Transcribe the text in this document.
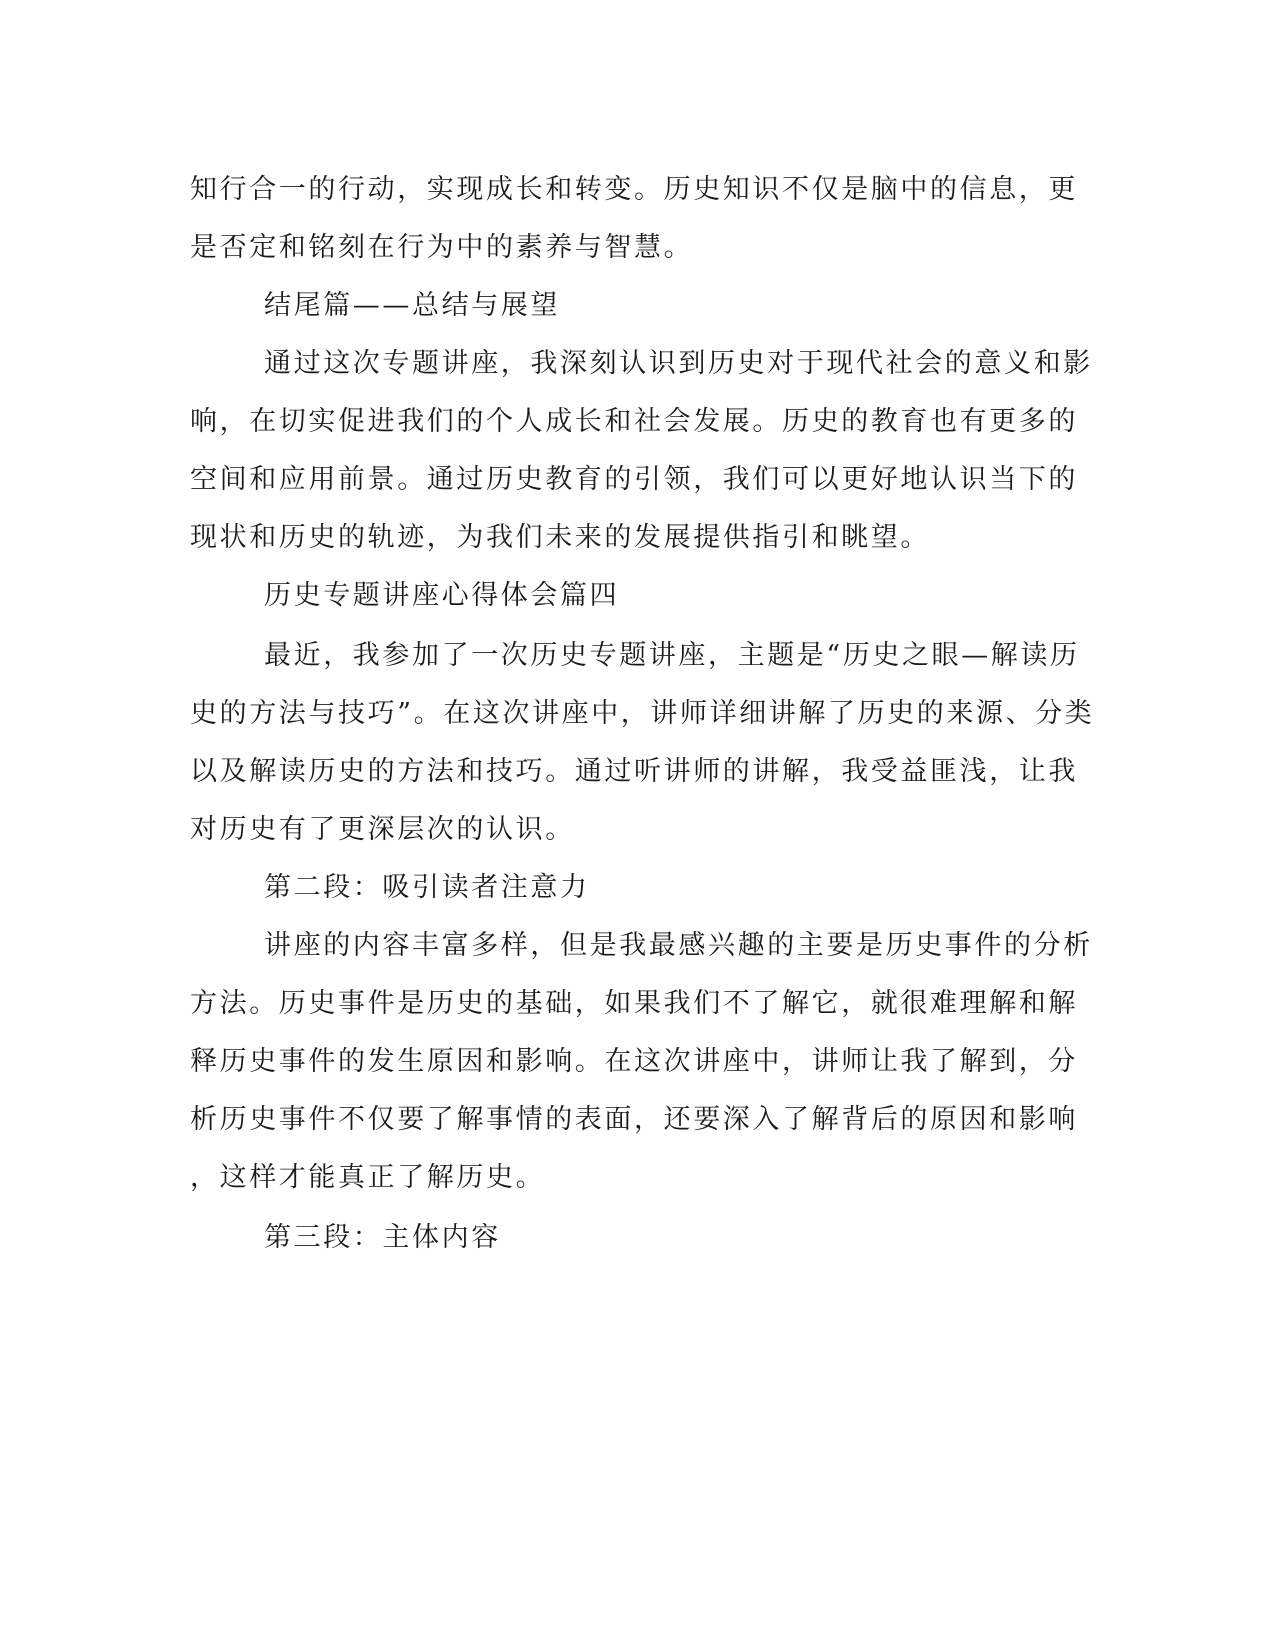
知行合一的行动，实现成长和转变。历史知识不仅是脑中的信息，更
是否定和铭刻在行为中的素养与智慧。
结尾篇——总结与展望
通过这次专题讲座，我深刻认识到历史对于现代社会的意义和影
响，在切实促进我们的个人成长和社会发展。历史的教育也有更多的
空间和应用前景。通过历史教育的引领，我们可以更好地认识当下的
现状和历史的轨迹，为我们未来的发展提供指引和眺望。
历史专题讲座心得体会篇四
最近，我参加了一次历史专题讲座，主题是“历史之眼—解读历
史的方法与技巧”。在这次讲座中，讲师详细讲解了历史的来源、分类
以及解读历史的方法和技巧。通过听讲师的讲解，我受益匪浅，让我
对历史有了更深层次的认识。
第二段：吸引读者注意力
讲座的内容丰富多样，但是我最感兴趣的主要是历史事件的分析
方法。历史事件是历史的基础，如果我们不了解它，就很难理解和解
释历史事件的发生原因和影响。在这次讲座中，讲师让我了解到，分
析历史事件不仅要了解事情的表面，还要深入了解背后的原因和影响
，这样才能真正了解历史。
第三段：主体内容
